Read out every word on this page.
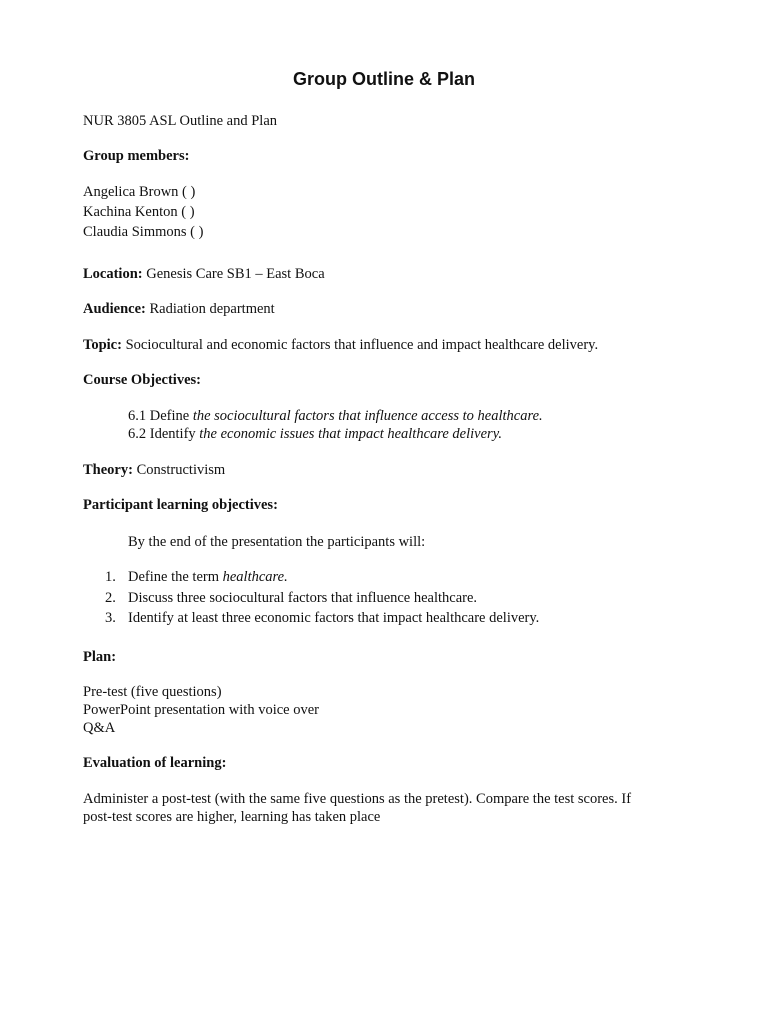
Group Outline & Plan
NUR 3805 ASL Outline and Plan
Group members:
Angelica Brown ( )
Kachina Kenton ( )
Claudia Simmons ( )
Location: Genesis Care SB1 – East Boca
Audience: Radiation department
Topic: Sociocultural and economic factors that influence and impact healthcare delivery.
Course Objectives:
6.1 Define the sociocultural factors that influence access to healthcare.
6.2 Identify the economic issues that impact healthcare delivery.
Theory: Constructivism
Participant learning objectives:
By the end of the presentation the participants will:
1. Define the term healthcare.
2. Discuss three sociocultural factors that influence healthcare.
3. Identify at least three economic factors that impact healthcare delivery.
Plan:
Pre-test (five questions)
PowerPoint presentation with voice over
Q&A
Evaluation of learning:
Administer a post-test (with the same five questions as the pretest). Compare the test scores. If
post-test scores are higher, learning has taken place
